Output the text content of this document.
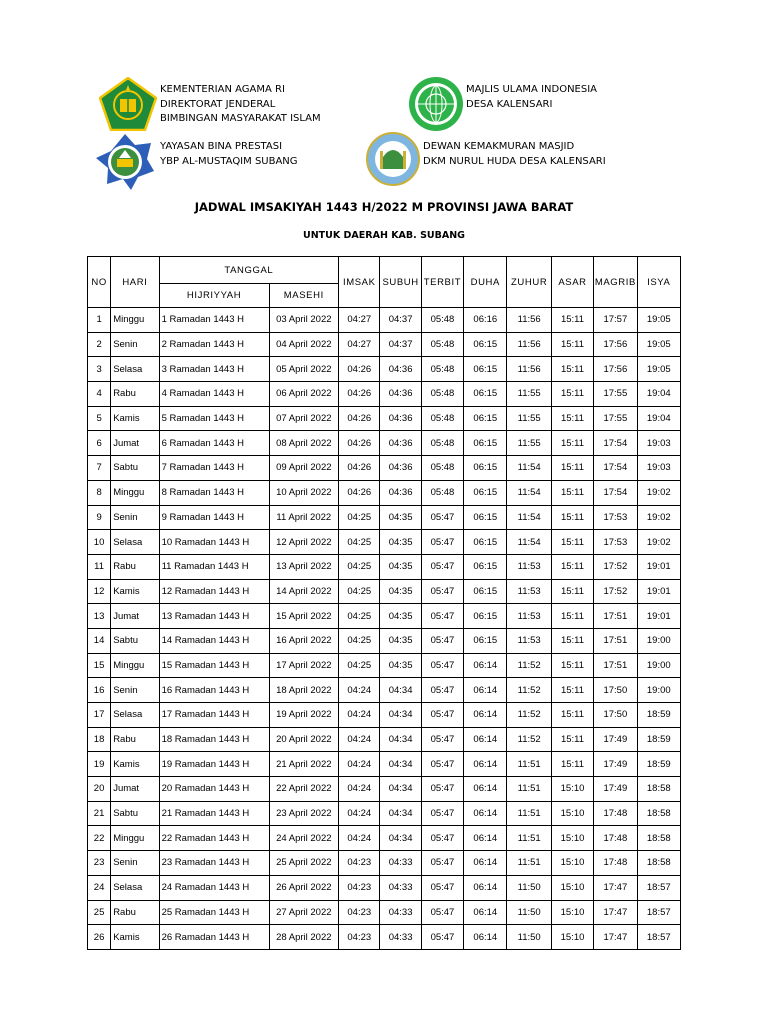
KEMENTERIAN AGAMA RI
DIREKTORAT JENDERAL
BIMBINGAN MASYARAKAT ISLAM
YAYASAN BINA PRESTASI
YBP AL-MUSTAQIM SUBANG
MAJLIS ULAMA INDONESIA
DESA KALENSARI
DEWAN KEMAKMURAN MASJID
DKM NURUL HUDA DESA KALENSARI
JADWAL IMSAKIYAH 1443 H/2022 M PROVINSI JAWA BARAT
UNTUK DAERAH KAB. SUBANG
NO	HARI	TANGGAL		IMSAK	SUBUH	TERBIT	DUHA	ZUHUR	ASAR	MAGRIB	ISYA
		HIJRIYYAH	MASEHI								
1	Minggu	1 Ramadan 1443 H	03 April 2022	04:27	04:37	05:48	06:16	11:56	15:11	17:57	19:05
2	Senin	2 Ramadan 1443 H	04 April 2022	04:27	04:37	05:48	06:15	11:56	15:11	17:56	19:05
3	Selasa	3 Ramadan 1443 H	05 April 2022	04:26	04:36	05:48	06:15	11:56	15:11	17:56	19:05
4	Rabu	4 Ramadan 1443 H	06 April 2022	04:26	04:36	05:48	06:15	11:55	15:11	17:55	19:04
5	Kamis	5 Ramadan 1443 H	07 April 2022	04:26	04:36	05:48	06:15	11:55	15:11	17:55	19:04
6	Jumat	6 Ramadan 1443 H	08 April 2022	04:26	04:36	05:48	06:15	11:55	15:11	17:54	19:03
7	Sabtu	7 Ramadan 1443 H	09 April 2022	04:26	04:36	05:48	06:15	11:54	15:11	17:54	19:03
8	Minggu	8 Ramadan 1443 H	10 April 2022	04:26	04:36	05:48	06:15	11:54	15:11	17:54	19:02
9	Senin	9 Ramadan 1443 H	11 April 2022	04:25	04:35	05:47	06:15	11:54	15:11	17:53	19:02
10	Selasa	10 Ramadan 1443 H	12 April 2022	04:25	04:35	05:47	06:15	11:54	15:11	17:53	19:02
11	Rabu	11 Ramadan 1443 H	13 April 2022	04:25	04:35	05:47	06:15	11:53	15:11	17:52	19:01
12	Kamis	12 Ramadan 1443 H	14 April 2022	04:25	04:35	05:47	06:15	11:53	15:11	17:52	19:01
13	Jumat	13 Ramadan 1443 H	15 April 2022	04:25	04:35	05:47	06:15	11:53	15:11	17:51	19:01
14	Sabtu	14 Ramadan 1443 H	16 April 2022	04:25	04:35	05:47	06:15	11:53	15:11	17:51	19:00
15	Minggu	15 Ramadan 1443 H	17 April 2022	04:25	04:35	05:47	06:14	11:52	15:11	17:51	19:00
16	Senin	16 Ramadan 1443 H	18 April 2022	04:24	04:34	05:47	06:14	11:52	15:11	17:50	19:00
17	Selasa	17 Ramadan 1443 H	19 April 2022	04:24	04:34	05:47	06:14	11:52	15:11	17:50	18:59
18	Rabu	18 Ramadan 1443 H	20 April 2022	04:24	04:34	05:47	06:14	11:52	15:11	17:49	18:59
19	Kamis	19 Ramadan 1443 H	21 April 2022	04:24	04:34	05:47	06:14	11:51	15:11	17:49	18:59
20	Jumat	20 Ramadan 1443 H	22 April 2022	04:24	04:34	05:47	06:14	11:51	15:10	17:49	18:58
21	Sabtu	21 Ramadan 1443 H	23 April 2022	04:24	04:34	05:47	06:14	11:51	15:10	17:48	18:58
22	Minggu	22 Ramadan 1443 H	24 April 2022	04:24	04:34	05:47	06:14	11:51	15:10	17:48	18:58
23	Senin	23 Ramadan 1443 H	25 April 2022	04:23	04:33	05:47	06:14	11:51	15:10	17:48	18:58
24	Selasa	24 Ramadan 1443 H	26 April 2022	04:23	04:33	05:47	06:14	11:50	15:10	17:47	18:57
25	Rabu	25 Ramadan 1443 H	27 April 2022	04:23	04:33	05:47	06:14	11:50	15:10	17:47	18:57
26	Kamis	26 Ramadan 1443 H	28 April 2022	04:23	04:33	05:47	06:14	11:50	15:10	17:47	18:57
